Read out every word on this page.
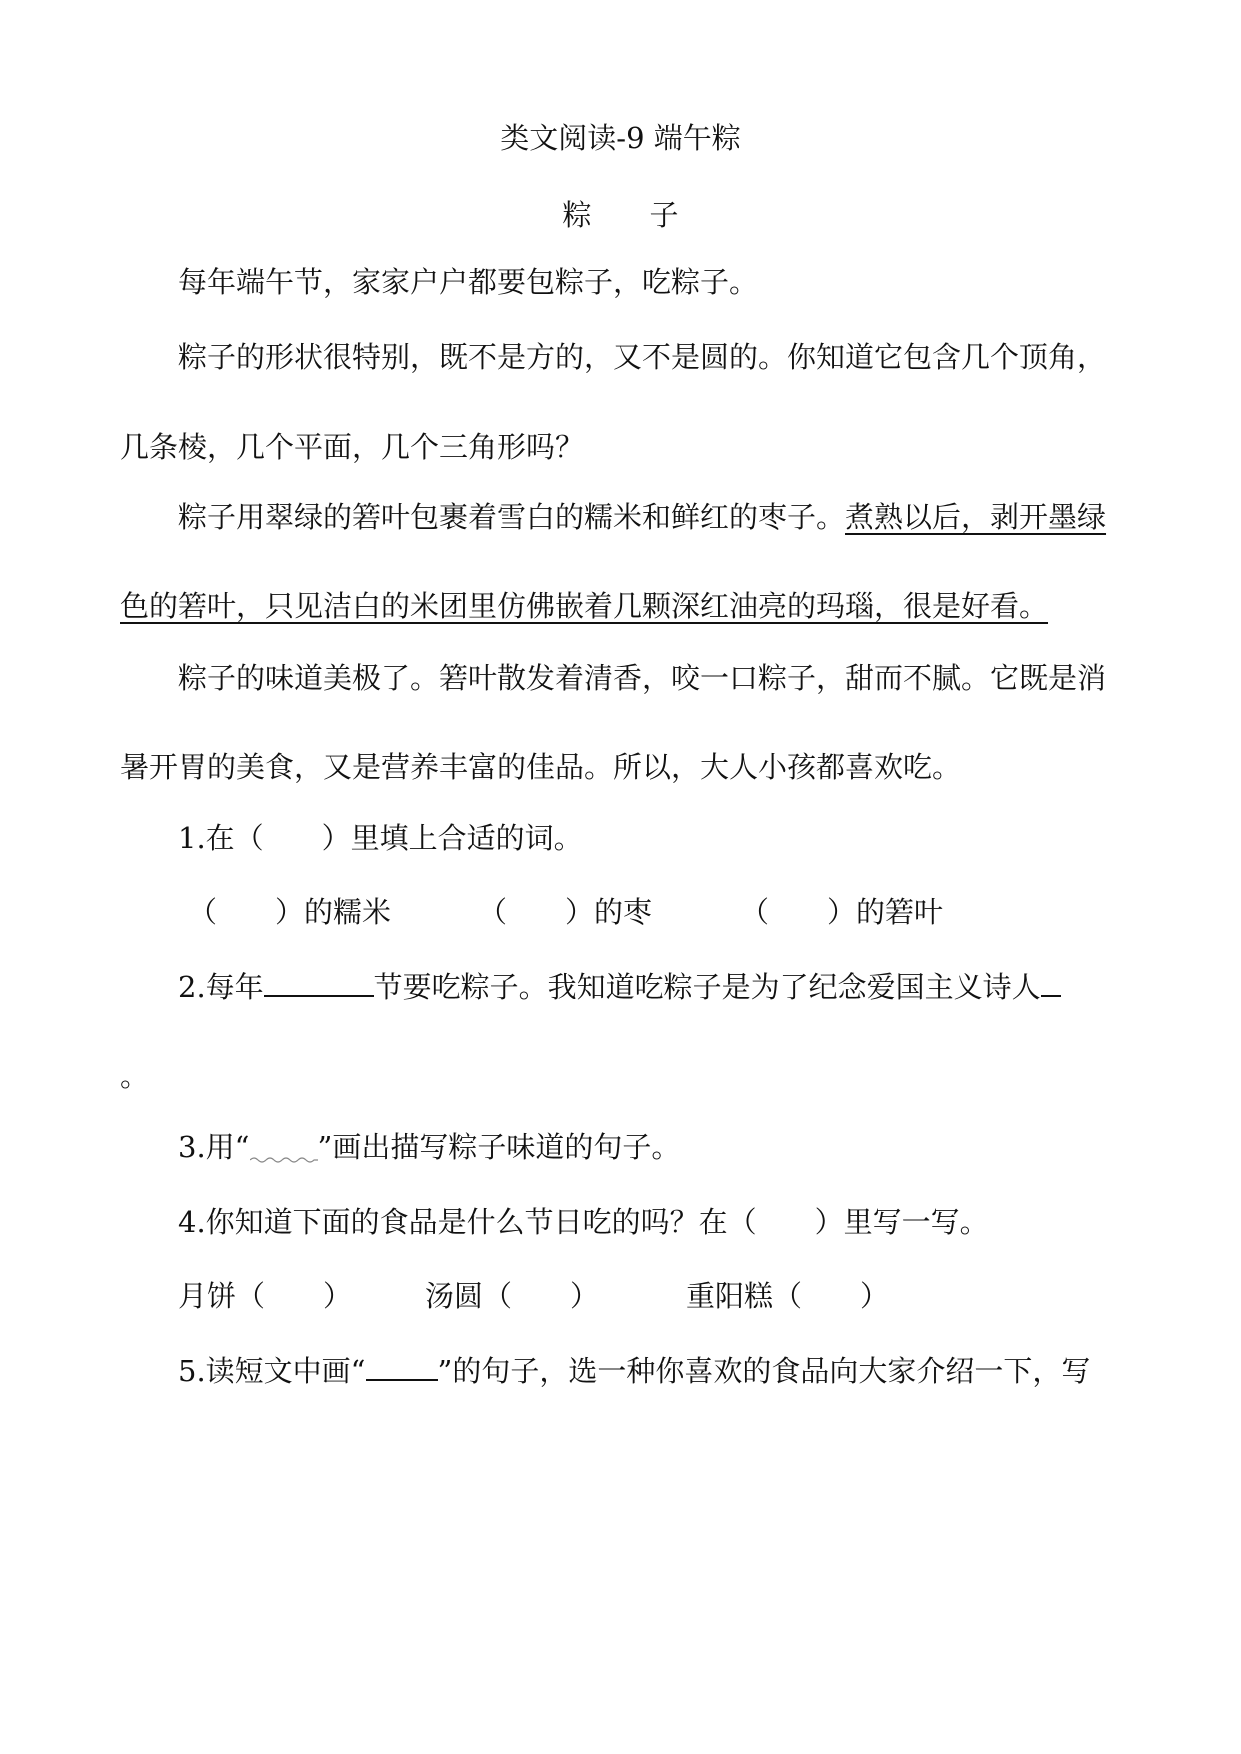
类文阅读-9 端午粽
粽　　子
每年端午节，家家户户都要包粽子，吃粽子。
粽子的形状很特别，既不是方的，又不是圆的。你知道它包含几个顶角，
几条棱，几个平面，几个三角形吗？
粽子用翠绿的箬叶包裹着雪白的糯米和鲜红的枣子。煮熟以后，剥开墨绿
色的箬叶，只见洁白的米团里仿佛嵌着几颗深红油亮的玛瑙，很是好看。
粽子的味道美极了。箬叶散发着清香，咬一口粽子，甜而不腻。它既是消
暑开胃的美食，又是营养丰富的佳品。所以，大人小孩都喜欢吃。
1.在（　　）里填上合适的词。
（　　）的糯米	（　　）的枣	（　　）的箬叶
2.每年	节要吃粽子。我知道吃粽子是为了纪念爱国主义诗人
。
3.用“ ”画出描写粽子味道的句子。
4.你知道下面的食品是什么节日吃的吗？在（　　）里写一写。
月饼（　　）	汤圆（　　）	重阳糕（　　）
5.读短文中画“ ”的句子，选一种你喜欢的食品向大家介绍一下，写
